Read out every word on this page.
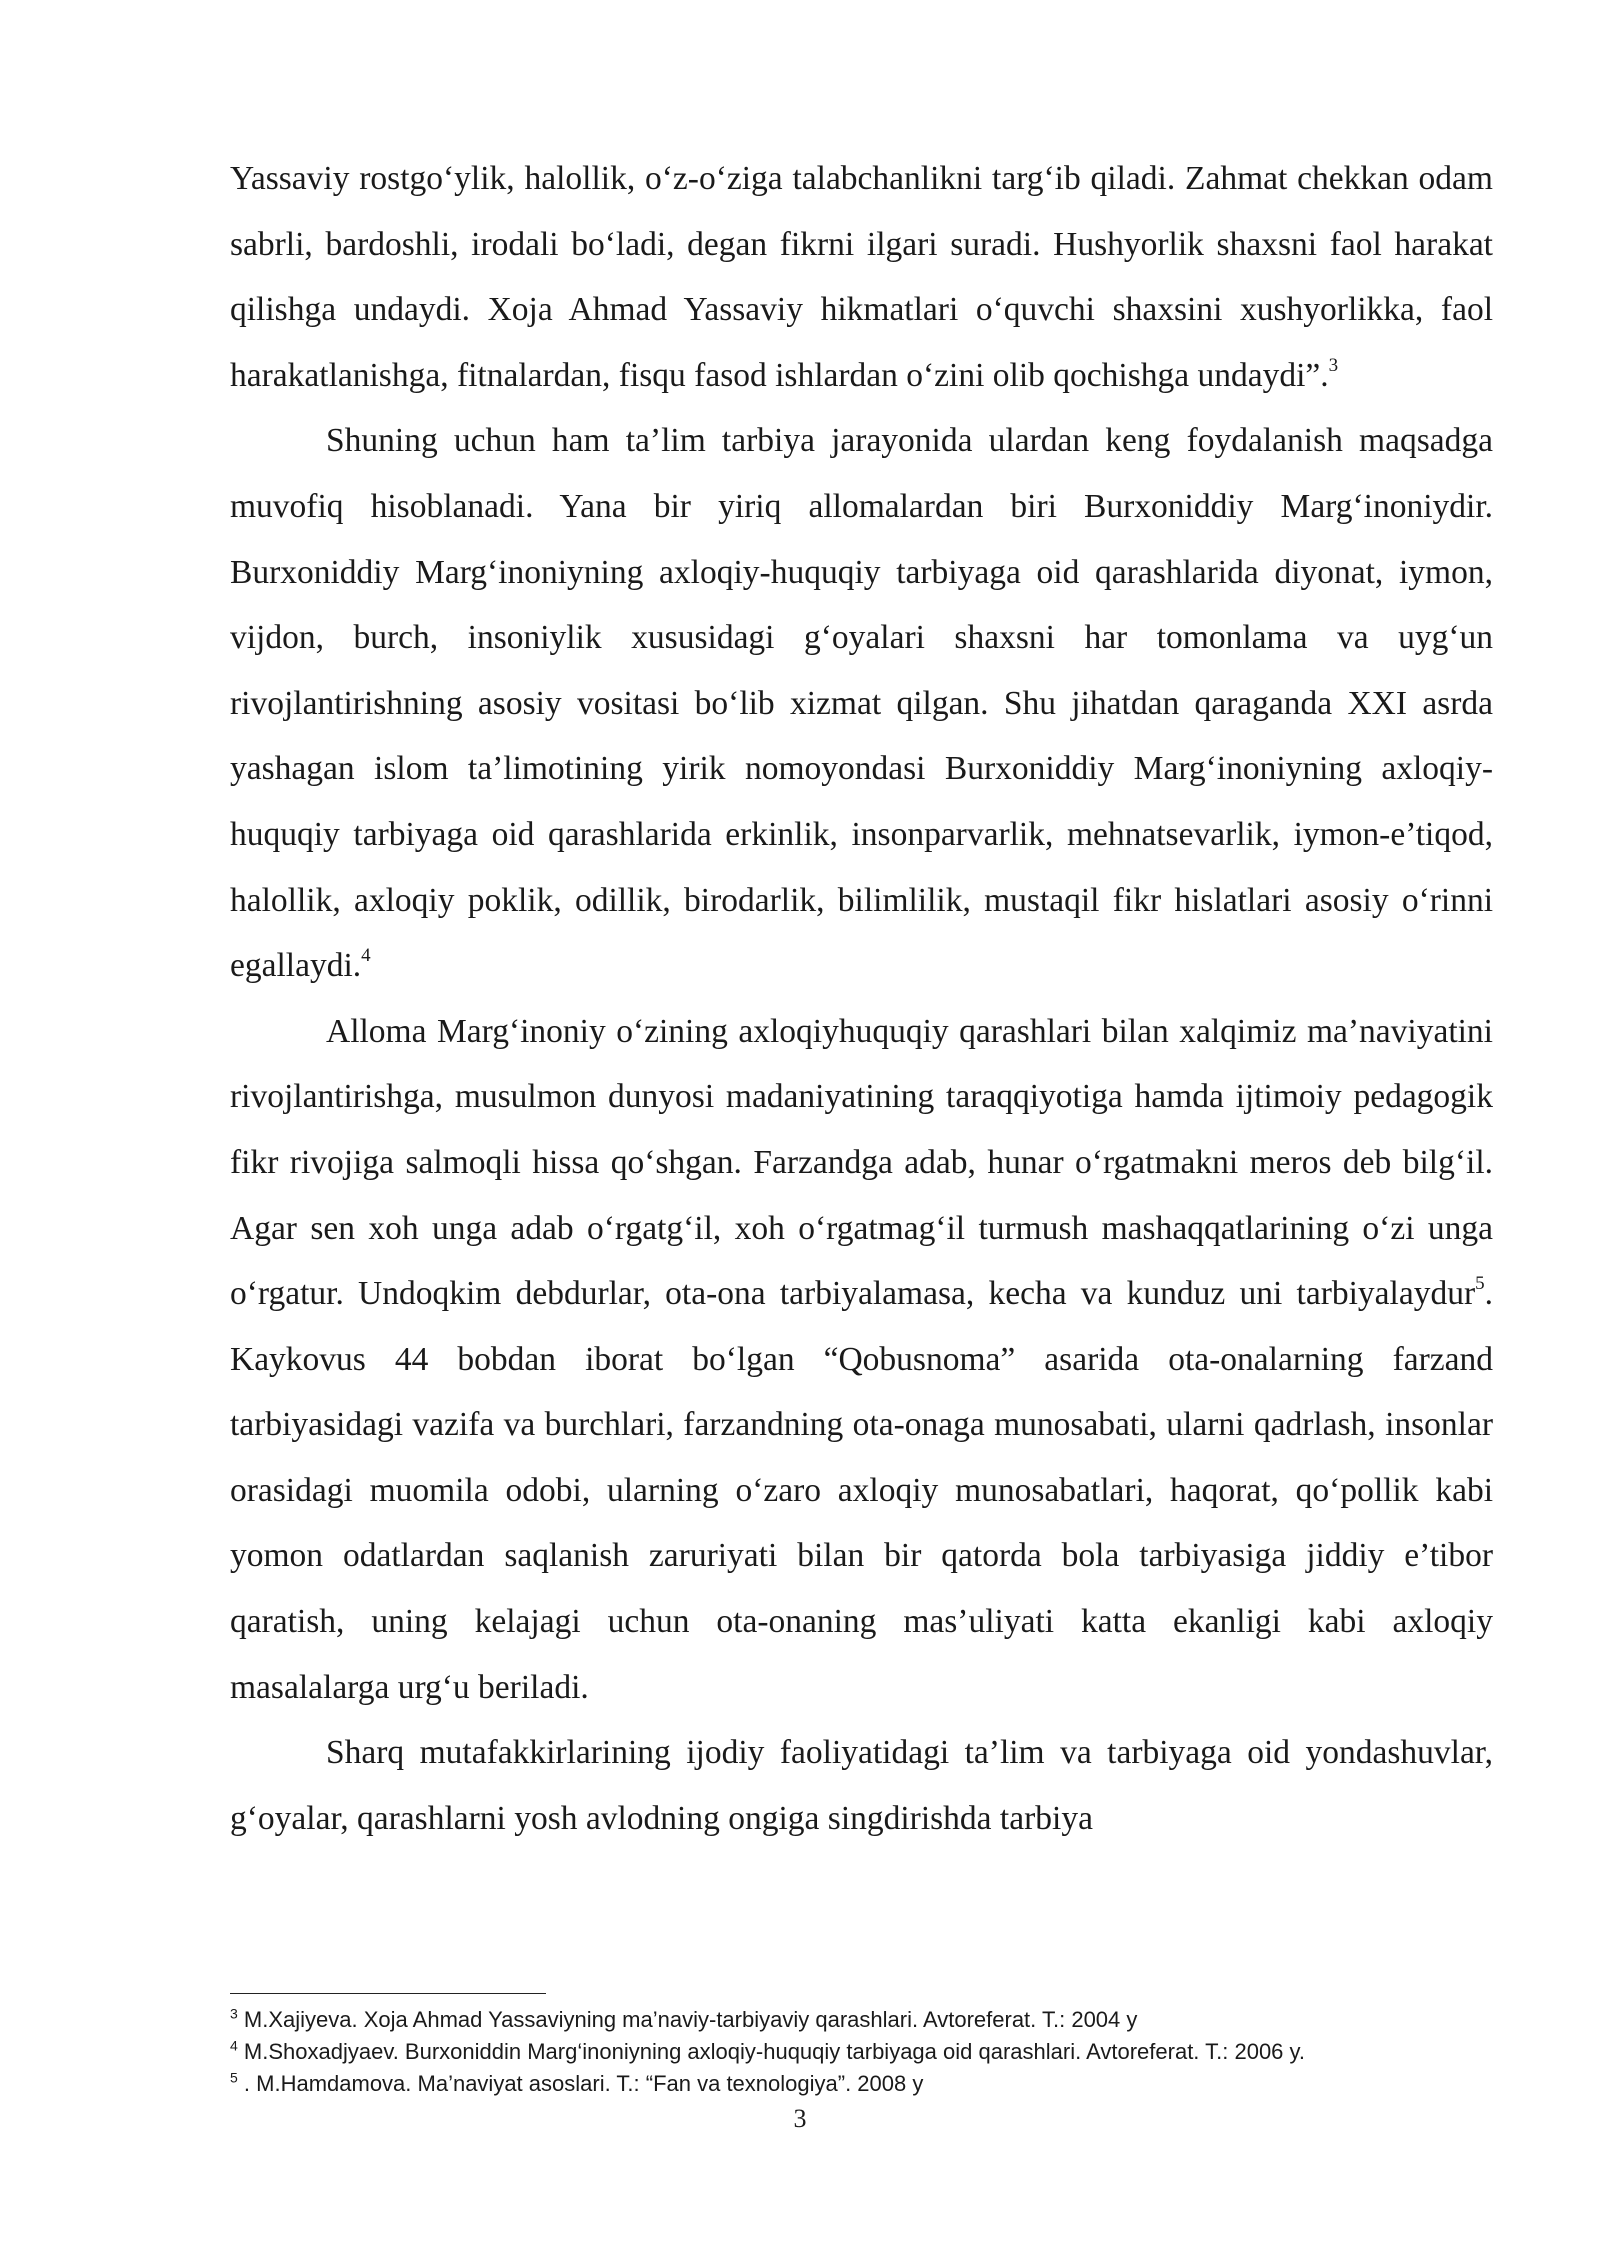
Yassaviy rostgo‘ylik, halollik, o‘z-o‘ziga talabchanlikni targ‘ib qiladi. Zahmat chekkan odam sabrli, bardoshli, irodali bo‘ladi, degan fikrni ilgari suradi. Hushyorlik shaxsni faol harakat qilishga undaydi. Xoja Ahmad Yassaviy hikmatlari o‘quvchi shaxsini xushyorlikka, faol harakatlanishga, fitnalardan, fisqu fasod ishlardan o‘zini olib qochishga undaydi”.$^3$

Shuning uchun ham ta’lim tarbiya jarayonida ulardan keng foydalanish maqsadga muvofiq hisoblanadi. Yana bir yiriq allomalardan biri Burxoniddiy Marg‘inoniydir. Burxoniddiy Marg‘inoniyning axloqiy-huquqiy tarbiyaga oid qarashlarida diyonat, iymon, vijdon, burch, insoniylik xususidagi g‘oyalari shaxsni har tomonlama va uyg‘un rivojlantirishning asosiy vositasi bo‘lib xizmat qilgan. Shu jihatdan qaraganda XXI asrda yashagan islom ta’limotining yirik nomoyondasi Burxoniddiy Marg‘inoniyning axloqiy-huquqiy tarbiyaga oid qarashlarida erkinlik, insonparvarlik, mehnatsevarlik, iymon-e’tiqod, halollik, axloqiy poklik, odillik, birodarlik, bilimlilik, mustaqil fikr hislatlari asosiy o‘rinni egallaydi.$^4$

Alloma Marg‘inoniy o‘zining axloqiyhuquqiy qarashlari bilan xalqimiz ma’naviyatini rivojlantirishga, musulmon dunyosi madaniyatining taraqqiyotiga hamda ijtimoiy pedagogik fikr rivojiga salmoqli hissa qo‘shgan. Farzandga adab, hunar o‘rgatmakni meros deb bilg‘il. Agar sen xoh unga adab o‘rgatg‘il, xoh o‘rgatmag‘il turmush mashaqqatlarining o‘zi unga o‘rgatur. Undoqkim debdurlar, ota-ona tarbiyalamasa, kecha va kunduz uni tarbiyalaydur$^5$. Kaykovus 44 bobdan iborat bo‘lgan “Qobusnoma” asarida ota-onalarning farzand tarbiyasidagi vazifa va burchlari, farzandning ota-onaga munosabati, ularni qadrlash, insonlar orasidagi muomila odobi, ularning o‘zaro axloqiy munosabatlari, haqorat, qo‘pollik kabi yomon odatlardan saqlanish zaruriyati bilan bir qatorda bola tarbiyasiga jiddiy e’tibor qaratish, uning kelajagi uchun ota-onaning mas’uliyati katta ekanligi kabi axloqiy masalalarga urg‘u beriladi.

Sharq mutafakkirlarining ijodiy faoliyatidagi ta’lim va tarbiyaga oid yondashuvlar, g‘oyalar, qarashlarni yosh avlodning ongiga singdirishda tarbiya

$^3$ M.Xajiyeva. Xoja Ahmad Yassaviyning ma’naviy-tarbiyaviy qarashlari. Avtoreferat. T.: 2004 y
$^4$ M.Shoxadjyaev. Burxoniddin Marg‘inoniyning axloqiy-huquqiy tarbiyaga oid qarashlari. Avtoreferat. T.: 2006 y.
$^5$ . M.Hamdamova. Ma’naviyat asoslari. T.: “Fan va texnologiya”. 2008 y
3
